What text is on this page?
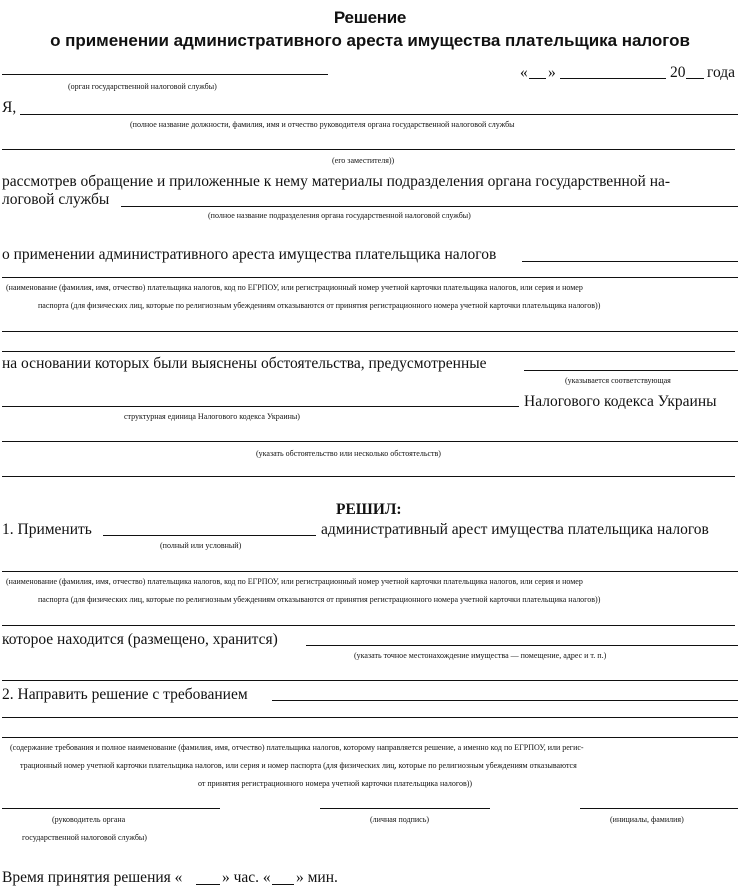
Решение
о применении административного ареста имущества плательщика налогов
« »	20 года
(орган государственной налоговой службы)
Я,
(полное название должности, фамилия, имя и отчество руководителя органа государственной налоговой службы
(его заместителя))
рассмотрев обращение и приложенные к нему материалы подразделения органа государственной на-
логовой службы
(полное название подразделения органа государственной налоговой службы)
о применении административного ареста имущества плательщика налогов
(наименование (фамилия, имя, отчество) плательщика налогов, код по ЕГРПОУ, или регистрационный номер учетной карточки плательщика налогов, или серия и номер
паспорта (для физических лиц, которые по религиозным убеждениям отказываются от принятия регистрационного номера учетной карточки плательщика налогов))
на основании которых были выяснены обстоятельства, предусмотренные
(указывается соответствующая
Налогового кодекса Украины
структурная единица Налогового кодекса Украины)
(указать обстоятельство или несколько обстоятельств)
РЕШИЛ:
1. Применить	административный арест имущества плательщика налогов
(полный или условный)
(наименование (фамилия, имя, отчество) плательщика налогов, код по ЕГРПОУ, или регистрационный номер учетной карточки плательщика налогов, или серия и номер
паспорта (для физических лиц, которые по религиозным убеждениям отказываются от принятия регистрационного номера учетной карточки плательщика налогов))
которое находится (размещено, хранится)
(указать точное местонахождение имущества — помещение, адрес и т. п.)
2. Направить решение с требованием
(содержание требования и полное наименование (фамилия, имя, отчество) плательщика налогов, которому направляется решение, а именно код по ЕГРПОУ, или регис-
трационный номер учетной карточки плательщика налогов, или серия и номер паспорта (для физических лиц, которые по религиозным убеждениям отказываются
от принятия регистрационного номера учетной карточки плательщика налогов))
(руководитель органа
государственной налоговой службы)
(личная подпись)	(инициалы, фамилия)
Время принятия решения «	» час. « » мин.
